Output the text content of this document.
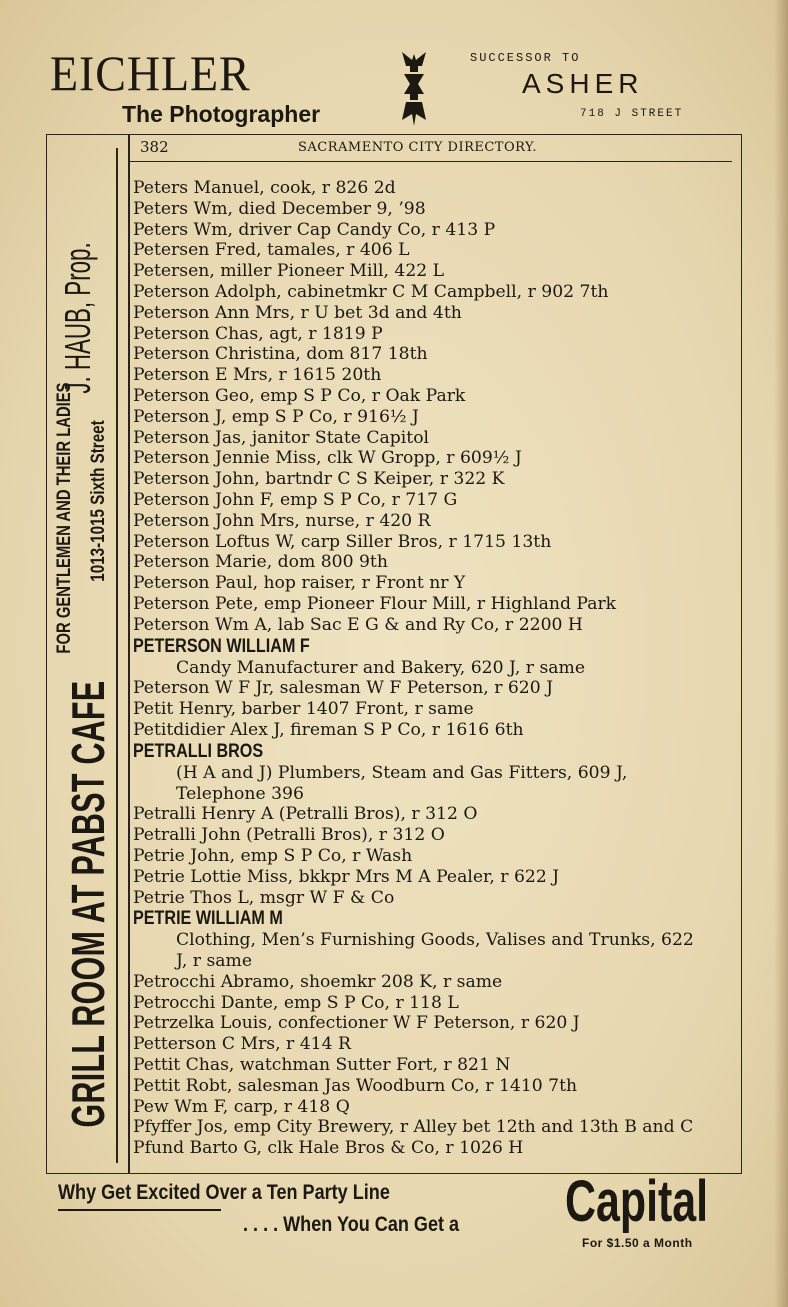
EICHLER
The Photographer
SUCCESSOR TO
ASHER
718 J STREET
382	SACRAMENTO CITY DIRECTORY.
GRILL ROOM AT PABST CAFE
J. HAUB, Prop.
FOR GENTLEMEN AND THEIR LADIES 1013-1015 Sixth Street
Peters Manuel, cook, r 826 2d
Peters Wm, died December 9, ’98
Peters Wm, driver Cap Candy Co, r 413 P
Petersen Fred, tamales, r 406 L
Petersen, miller Pioneer Mill, 422 L
Peterson Adolph, cabinetmkr C M Campbell, r 902 7th
Peterson Ann Mrs, r U bet 3d and 4th
Peterson Chas, agt, r 1819 P
Peterson Christina, dom 817 18th
Peterson E Mrs, r 1615 20th
Peterson Geo, emp S P Co, r Oak Park
Peterson J, emp S P Co, r 916½ J
Peterson Jas, janitor State Capitol
Peterson Jennie Miss, clk W Gropp, r 609½ J
Peterson John, bartndr C S Keiper, r 322 K
Peterson John F, emp S P Co, r 717 G
Peterson John Mrs, nurse, r 420 R
Peterson Loftus W, carp Siller Bros, r 1715 13th
Peterson Marie, dom 800 9th
Peterson Paul, hop raiser, r Front nr Y
Peterson Pete, emp Pioneer Flour Mill, r Highland Park
Peterson Wm A, lab Sac E G & and Ry Co, r 2200 H
PETERSON WILLIAM F
Candy Manufacturer and Bakery, 620 J, r same
Peterson W F Jr, salesman W F Peterson, r 620 J
Petit Henry, barber 1407 Front, r same
Petitdidier Alex J, fireman S P Co, r 1616 6th
PETRALLI BROS
(H A and J) Plumbers, Steam and Gas Fitters, 609 J,
Telephone 396
Petralli Henry A (Petralli Bros), r 312 O
Petralli John (Petralli Bros), r 312 O
Petrie John, emp S P Co, r Wash
Petrie Lottie Miss, bkkpr Mrs M A Pealer, r 622 J
Petrie Thos L, msgr W F & Co
PETRIE WILLIAM M
Clothing, Men’s Furnishing Goods, Valises and Trunks, 622
J, r same
Petrocchi Abramo, shoemkr 208 K, r same
Petrocchi Dante, emp S P Co, r 118 L
Petrzelka Louis, confectioner W F Peterson, r 620 J
Petterson C Mrs, r 414 R
Pettit Chas, watchman Sutter Fort, r 821 N
Pettit Robt, salesman Jas Woodburn Co, r 1410 7th
Pew Wm F, carp, r 418 Q
Pfyffer Jos, emp City Brewery, r Alley bet 12th and 13th B and C
Pfund Barto G, clk Hale Bros & Co, r 1026 H
Why Get Excited Over a Ten Party Line
. . . . When You Can Get a Capital
For $1.50 a Month
